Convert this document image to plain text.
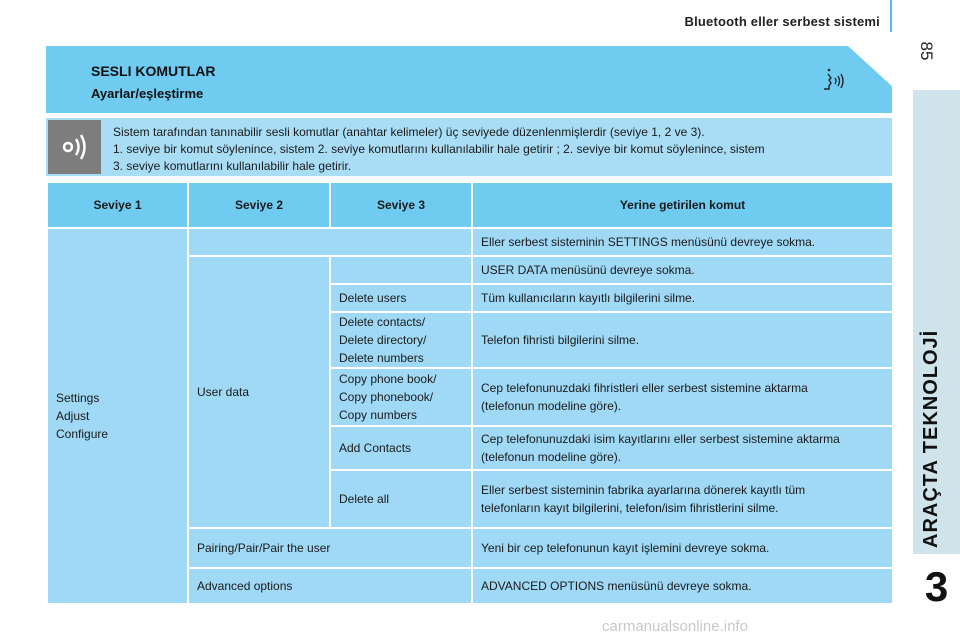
Bluetooth eller serbest sistemi
85
ARAÇTA TEKNOLOJİ
3
SESLI KOMUTLAR
Ayarlar/eşleştirme
Sistem tarafından tanınabilir sesli komutlar (anahtar kelimeler) üç seviyede düzenlenmişlerdir (seviye 1, 2 ve 3).
1. seviye bir komut söylenince, sistem 2. seviye komutlarını kullanılabilir hale getirir ; 2. seviye bir komut söylenince, sistem
3. seviye komutlarını kullanılabilir hale getirir.
Seviye 1	Seviye 2	Seviye 3	Yerine getirilen komut

Settings
Adjust
Configure			Eller serbest sisteminin SETTINGS menüsünü devreye sokma.
	User data		USER DATA menüsünü devreye sokma.
		Delete users	Tüm kullanıcıların kayıtlı bilgilerini silme.

		Delete contacts/
Delete directory/
Delete numbers	Telefon fihristi bilgilerini silme.

		Copy phone book/
Copy phonebook/
Copy numbers	Cep telefonunuzdaki fihristleri eller serbest sistemine aktarma
(telefonun modeline göre).

		Add Contacts	Cep telefonunuzdaki isim kayıtlarını eller serbest sistemine aktarma
(telefonun modeline göre).

		Delete all	Eller serbest sisteminin fabrika ayarlarına dönerek kayıtlı tüm
telefonların kayıt bilgilerini, telefon/isim fihristlerini silme.

	Pairing/Pair/Pair the user		Yeni bir cep telefonunun kayıt işlemini devreye sokma.
	Advanced options		ADVANCED OPTIONS menüsünü devreye sokma.
carmanualsonline.info
